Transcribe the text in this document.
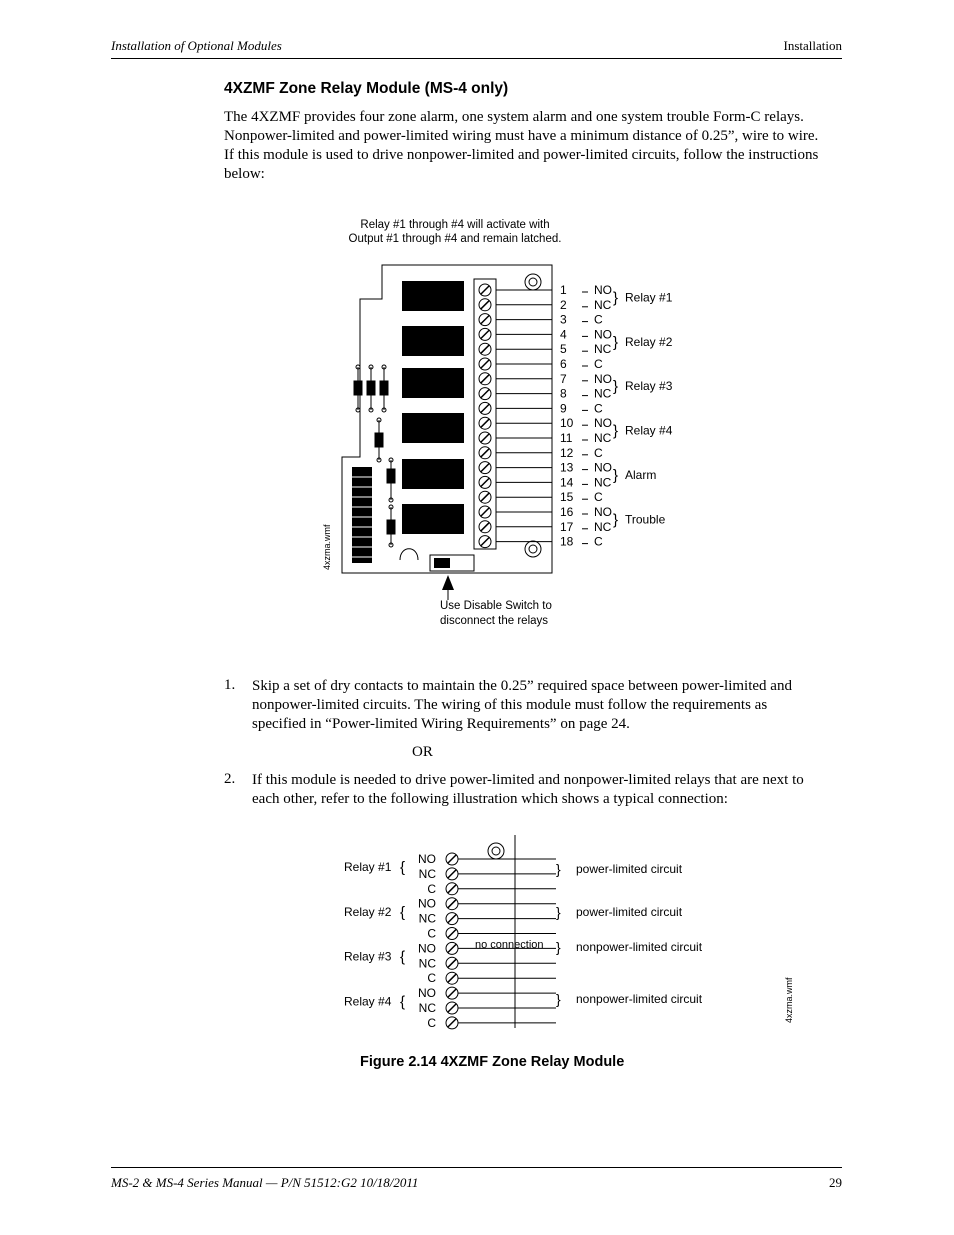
Installation of Optional Modules	Installation
4XZMF Zone Relay Module (MS-4 only)
The 4XZMF provides four zone alarm, one system alarm and one system trouble Form-C relays.
Nonpower-limited and power-limited wiring must have a minimum distance of 0.25”, wire to wire.
If this module is used to drive nonpower-limited and power-limited circuits, follow the instructions
below:
Relay #1 through #4 will activate with
Output #1 through #4 and remain latched.
4xzma.wmf
1 NO
2 NC
3 C
4 NO
5 NC
6 C
7 NO
8 NC
9 C
10 NO
11 NC
12 C
13 NO
14 NC
15 C
16 NO
17 NC
18 C
} Relay #1
} Relay #2
} Relay #3
} Relay #4
} Alarm
} Trouble
Use Disable Switch to
disconnect the relays
1. Skip a set of dry contacts to maintain the 0.25” required space between power-limited and
nonpower-limited circuits. The wiring of this module must follow the requirements as
specified in “Power-limited Wiring Requirements” on page 24.
OR
2. If this module is needed to drive power-limited and nonpower-limited relays that are next to
each other, refer to the following illustration which shows a typical connection:
NO
NC
C
NO
NC
C
NO
NC
C
NO
NC
C
Relay #1 {
Relay #2 {
Relay #3 {
Relay #4 {
} power-limited circuit
} power-limited circuit
} nonpower-limited circuit
} nonpower-limited circuit
no connection
4xzma.wmf
Figure 2.14 4XZMF Zone Relay Module
MS-2 & MS-4 Series Manual — P/N 51512:G2 10/18/2011	29
